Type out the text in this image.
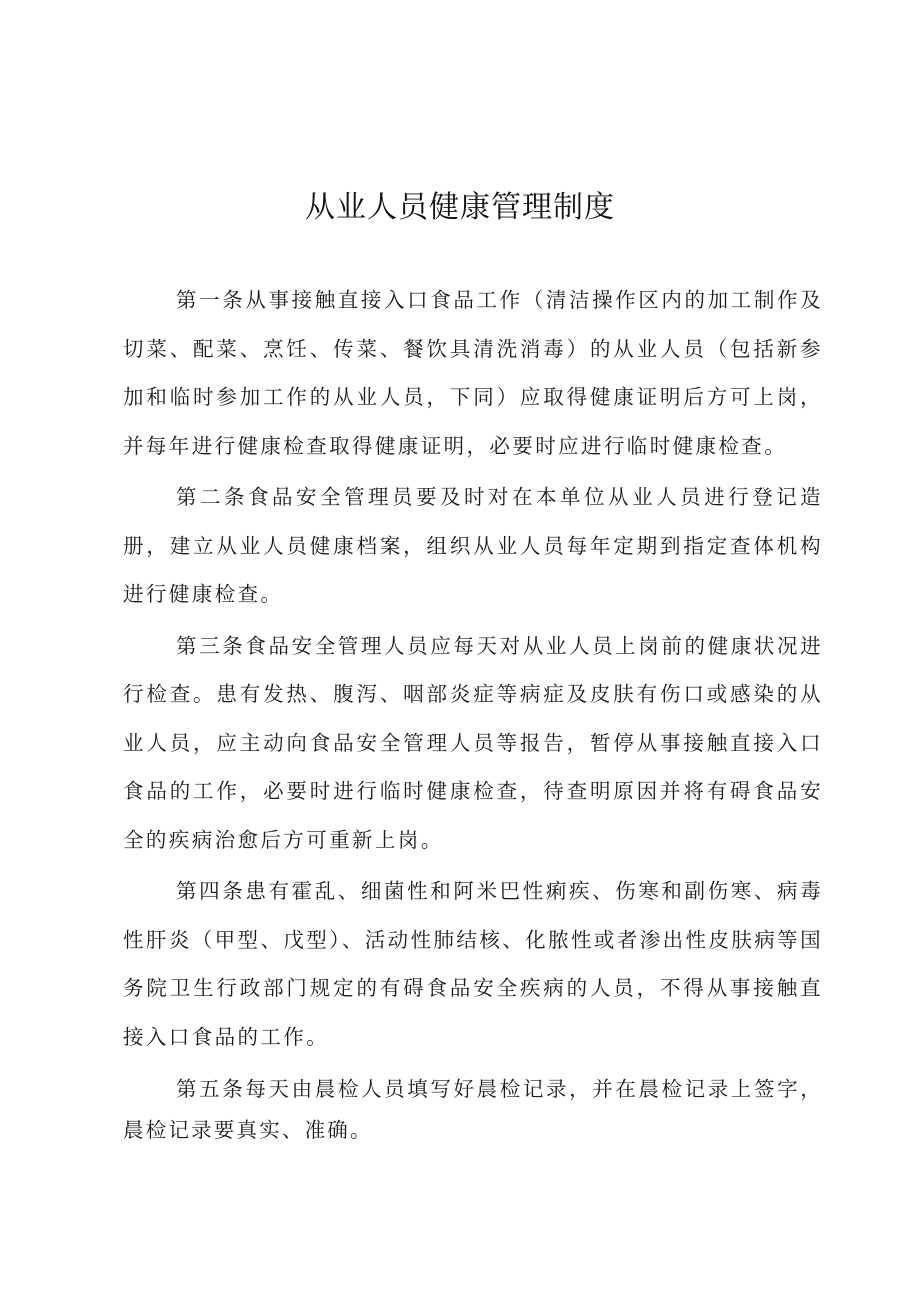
从业人员健康管理制度

第一条从事接触直接入口食品工作（清洁操作区内的加工制作及切菜、配菜、烹饪、传菜、餐饮具清洗消毒）的从业人员（包括新参加和临时参加工作的从业人员，下同）应取得健康证明后方可上岗，并每年进行健康检查取得健康证明，必要时应进行临时健康检查。

第二条食品安全管理员要及时对在本单位从业人员进行登记造册，建立从业人员健康档案，组织从业人员每年定期到指定查体机构进行健康检查。

第三条食品安全管理人员应每天对从业人员上岗前的健康状况进行检查。患有发热、腹泻、咽部炎症等病症及皮肤有伤口或感染的从业人员，应主动向食品安全管理人员等报告，暂停从事接触直接入口食品的工作，必要时进行临时健康检查，待查明原因并将有碍食品安全的疾病治愈后方可重新上岗。

第四条患有霍乱、细菌性和阿米巴性痢疾、伤寒和副伤寒、病毒性肝炎（甲型、戊型）、活动性肺结核、化脓性或者渗出性皮肤病等国务院卫生行政部门规定的有碍食品安全疾病的人员，不得从事接触直接入口食品的工作。

第五条每天由晨检人员填写好晨检记录，并在晨检记录上签字，晨检记录要真实、准确。
